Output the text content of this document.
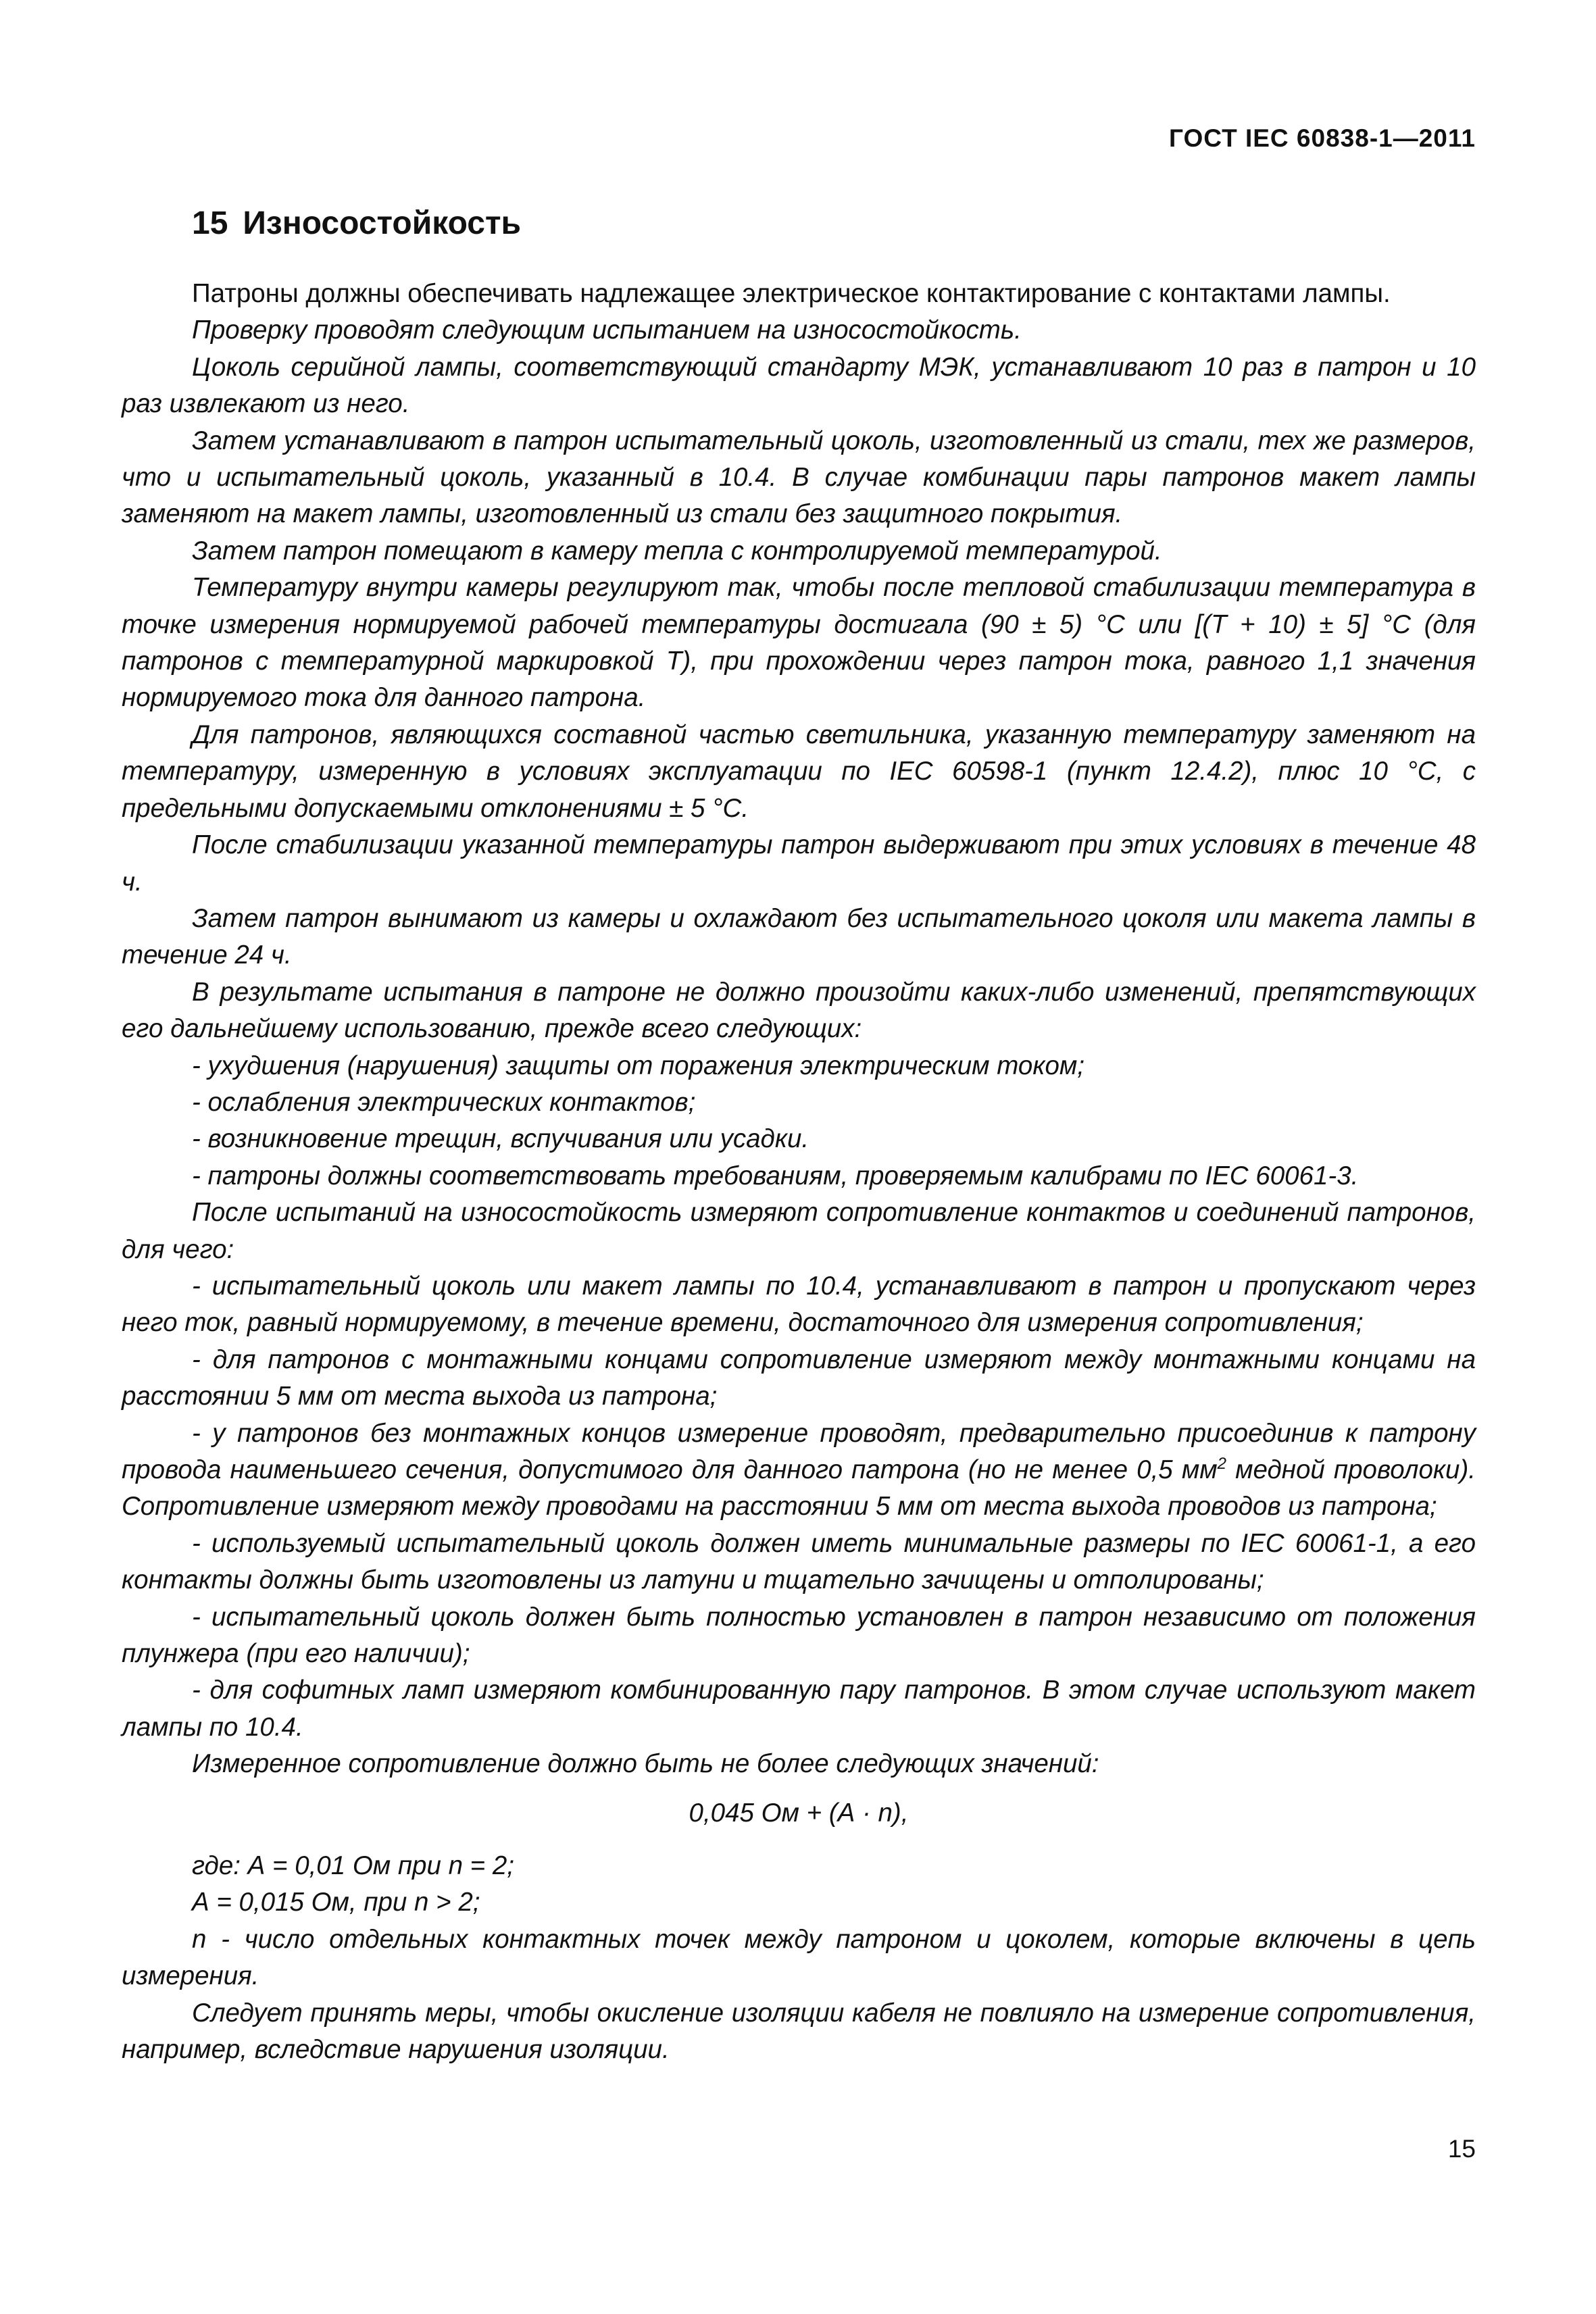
ГОСТ IEC 60838-1—2011
15 Износостойкость

Патроны должны обеспечивать надлежащее электрическое контактирование с контактами лампы.

Проверку проводят следующим испытанием на износостойкость.

Цоколь серийной лампы, соответствующий стандарту МЭК, устанавливают 10 раз в патрон и 10 раз извлекают из него.

Затем устанавливают в патрон испытательный цоколь, изготовленный из стали, тех же размеров, что и испытательный цоколь, указанный в 10.4. В случае комбинации пары патронов макет лампы заменяют на макет лампы, изготовленный из стали без защитного покрытия.

Затем патрон помещают в камеру тепла с контролируемой температурой.

Температуру внутри камеры регулируют так, чтобы после тепловой стабилизации температура в точке измерения нормируемой рабочей температуры достигала (90 ± 5) °С или [(Т + 10) ± 5] °С (для патронов с температурной маркировкой Т), при прохождении через патрон тока, равного 1,1 значения нормируемого тока для данного патрона.

Для патронов, являющихся составной частью светильника, указанную температуру заменяют на температуру, измеренную в условиях эксплуатации по IEC 60598-1 (пункт 12.4.2), плюс 10 °С, с предельными допускаемыми отклонениями ± 5 °С.

После стабилизации указанной температуры патрон выдерживают при этих условиях в течение 48 ч.

Затем патрон вынимают из камеры и охлаждают без испытательного цоколя или макета лампы в течение 24 ч.

В результате испытания в патроне не должно произойти каких-либо изменений, препятствующих его дальнейшему использованию, прежде всего следующих:

- ухудшения (нарушения) защиты от поражения электрическим током;

- ослабления электрических контактов;

- возникновение трещин, вспучивания или усадки.

- патроны должны соответствовать требованиям, проверяемым калибрами по IEC 60061-3.

После испытаний на износостойкость измеряют сопротивление контактов и соединений патронов, для чего:

- испытательный цоколь или макет лампы по 10.4, устанавливают в патрон и пропускают через него ток, равный нормируемому, в течение времени, достаточного для измерения сопротивления;

- для патронов с монтажными концами сопротивление измеряют между монтажными концами на расстоянии 5 мм от места выхода из патрона;

- у патронов без монтажных концов измерение проводят, предварительно присоединив к патрону провода наименьшего сечения, допустимого для данного патрона (но не менее 0,5 $мм^2$ медной проволоки). Сопротивление измеряют между проводами на расстоянии 5 мм от места выхода проводов из патрона;

- используемый испытательный цоколь должен иметь минимальные размеры по IEC 60061-1, а его контакты должны быть изготовлены из латуни и тщательно зачищены и отполированы;

- испытательный цоколь должен быть полностью установлен в патрон независимо от положения плунжера (при его наличии);

- для софитных ламп измеряют комбинированную пару патронов. В этом случае используют макет лампы по 10.4.

Измеренное сопротивление должно быть не более следующих значений:

0,045 Ом + (А · n),

где: А = 0,01 Ом при n = 2;

А = 0,015 Ом, при n > 2;

n - число отдельных контактных точек между патроном и цоколем, которые включены в цепь измерения.

Следует принять меры, чтобы окисление изоляции кабеля не повлияло на измерение сопротивления, например, вследствие нарушения изоляции.

15
